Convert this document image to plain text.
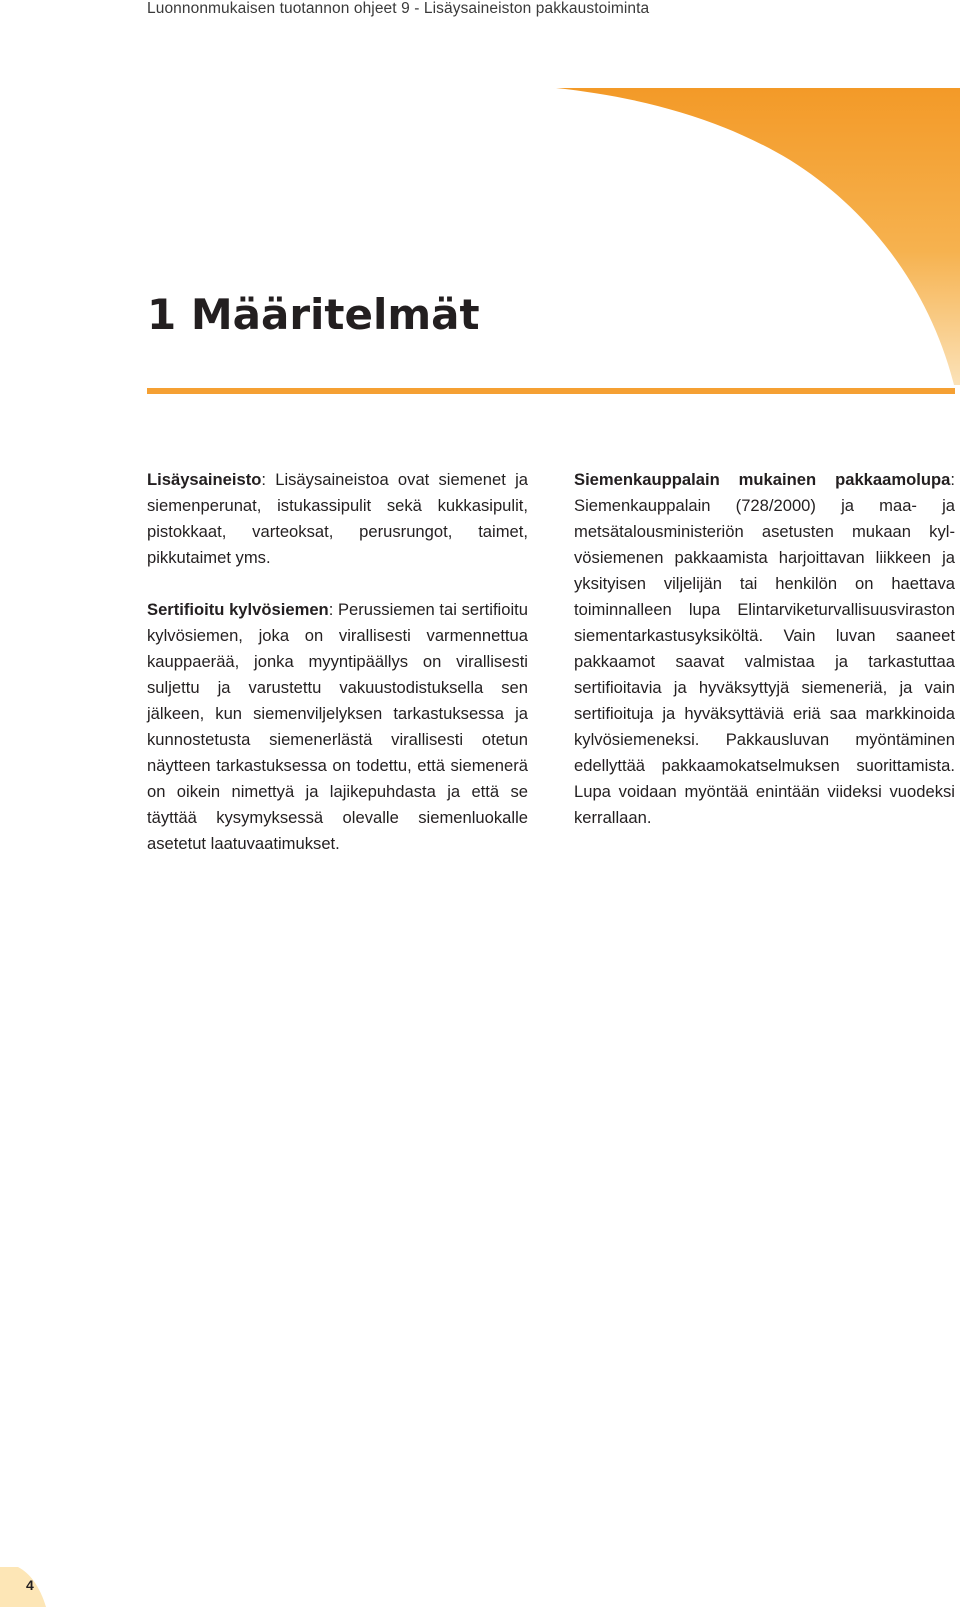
Luonnonmukaisen tuotannon ohjeet 9 - Lisäysaineiston pakkaustoiminta
1 Määritelmät

Lisäysaineisto: Lisäysaineistoa ovat siemenet ja siemenperunat, istukassipulit sekä kukkasipulit, pistokkaat, varteoksat, perusrungot, taimet, pikkutaimet yms.

Sertifioitu kylvösiemen: Perussiemen tai sertifioitu kylvösiemen, joka on virallisesti varmennettua kauppaerää, jonka myyntipäällys on virallisesti suljettu ja varustettu vakuustodistuksella sen jälkeen, kun siemenviljelyksen tarkastuksessa ja kunnostetusta siemenerlästä virallisesti otetun näytteen tarkastuksessa on todettu, että siemenerä on oikein nimettyä ja lajikepuhdasta ja että se täyttää kysymyksessä olevalle siemenluokalle asetetut laatuvaatimukset.

Siemenkauppalain mukainen pakkaamolupa: Siemenkauppalain (728/2000) ja maa- ja metsätalousministeriön asetusten mukaan kylvösiemenen pakkaamista harjoittavan liikkeen ja yksityisen viljelijän tai henkilön on haettava toiminnalleen lupa Elintarviketurvallisuusviraston siementarkastusyksiköltä. Vain luvan saaneet pakkaamot saavat valmistaa ja tarkastuttaa sertifioitavia ja hyväksyttyjä siemeneriä, ja vain sertifioituja ja hyväksyttäviä eriä saa markkinoida kylvösiemeneksi. Pakkausluvan myöntäminen edellyttää pakkaamokatselmuksen suorittamista. Lupa voidaan myöntää enintään viideksi vuodeksi kerrallaan.

4
